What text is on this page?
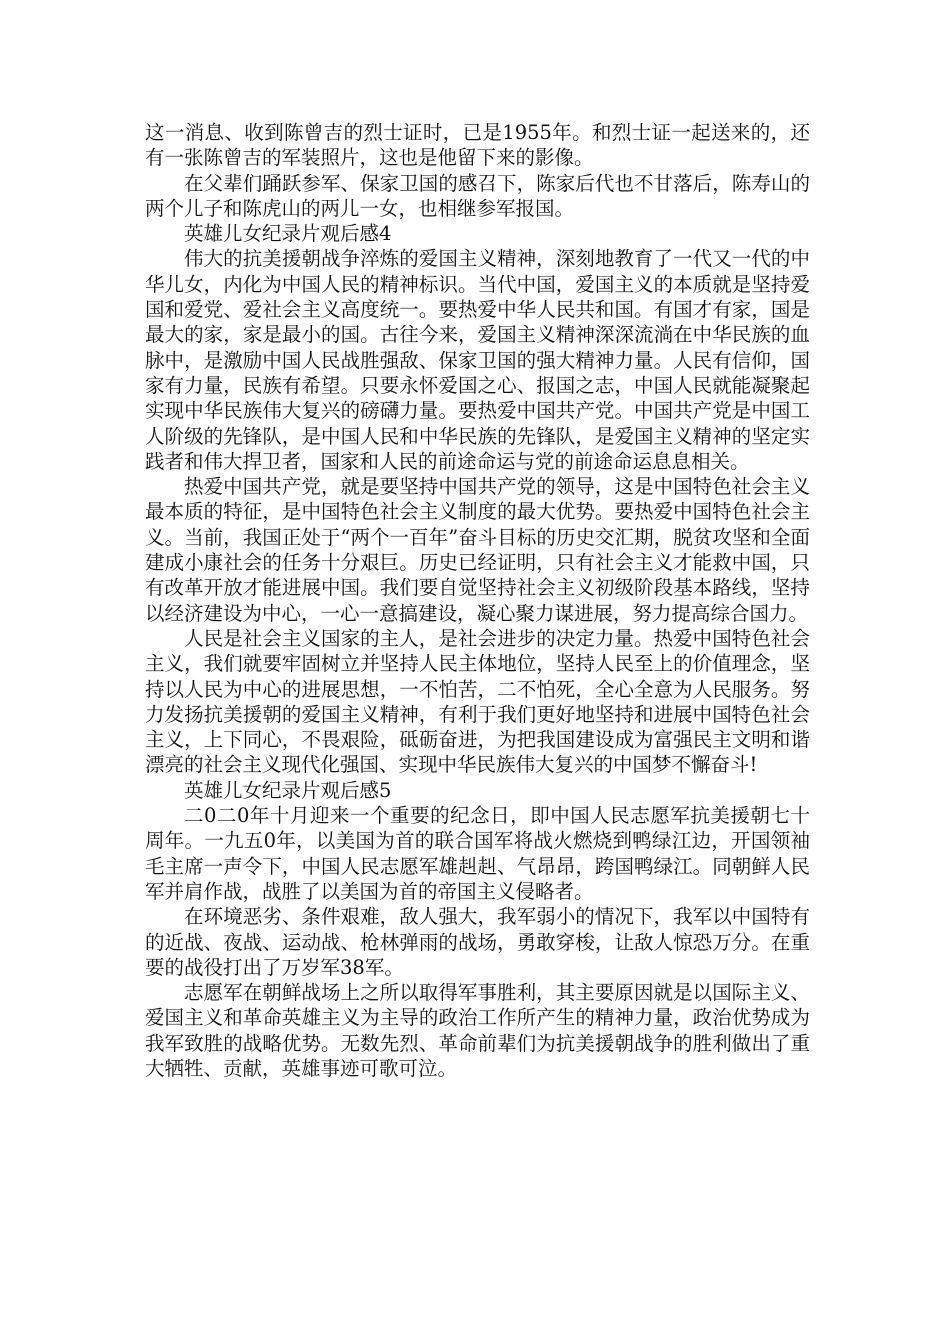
这一消息、收到陈曾吉的烈士证时，已是1955年。和烈士证一起送来的，还有一张陈曾吉的军装照片，这也是他留下来的影像。

在父辈们踊跃参军、保家卫国的感召下，陈家后代也不甘落后，陈寿山的两个儿子和陈虎山的两儿一女，也相继参军报国。

英雄儿女纪录片观后感4

伟大的抗美援朝战争淬炼的爱国主义精神，深刻地教育了一代又一代的中华儿女，内化为中国人民的精神标识。当代中国，爱国主义的本质就是坚持爱国和爱党、爱社会主义高度统一。要热爱中华人民共和国。有国才有家，国是最大的家，家是最小的国。古往今来，爱国主义精神深深流淌在中华民族的血脉中，是激励中国人民战胜强敌、保家卫国的强大精神力量。人民有信仰，国家有力量，民族有希望。只要永怀爱国之心、报国之志，中国人民就能凝聚起实现中华民族伟大复兴的磅礴力量。要热爱中国共产党。中国共产党是中国工人阶级的先锋队，是中国人民和中华民族的先锋队，是爱国主义精神的坚定实践者和伟大捍卫者，国家和人民的前途命运与党的前途命运息息相关。

热爱中国共产党，就是要坚持中国共产党的领导，这是中国特色社会主义最本质的特征，是中国特色社会主义制度的最大优势。要热爱中国特色社会主义。当前，我国正处于“两个一百年”奋斗目标的历史交汇期，脱贫攻坚和全面建成小康社会的任务十分艰巨。历史已经证明，只有社会主义才能救中国，只有改革开放才能进展中国。我们要自觉坚持社会主义初级阶段基本路线，坚持以经济建设为中心，一心一意搞建设，凝心聚力谋进展，努力提高综合国力。

人民是社会主义国家的主人，是社会进步的决定力量。热爱中国特色社会主义，我们就要牢固树立并坚持人民主体地位，坚持人民至上的价值理念，坚持以人民为中心的进展思想，一不怕苦，二不怕死，全心全意为人民服务。努力发扬抗美援朝的爱国主义精神，有利于我们更好地坚持和进展中国特色社会主义，上下同心，不畏艰险，砥砺奋进，为把我国建设成为富强民主文明和谐漂亮的社会主义现代化强国、实现中华民族伟大复兴的中国梦不懈奋斗!

英雄儿女纪录片观后感5

二0二0年十月迎来一个重要的纪念日，即中国人民志愿军抗美援朝七十周年。一九五0年，以美国为首的联合国军将战火燃烧到鸭绿江边，开国领袖毛主席一声令下，中国人民志愿军雄赳赳、气昂昂，跨国鸭绿江。同朝鲜人民军并肩作战，战胜了以美国为首的帝国主义侵略者。

在环境恶劣、条件艰难，敌人强大，我军弱小的情况下，我军以中国特有的近战、夜战、运动战、枪林弹雨的战场，勇敢穿梭，让敌人惊恐万分。在重要的战役打出了万岁军38军。

志愿军在朝鲜战场上之所以取得军事胜利，其主要原因就是以国际主义、爱国主义和革命英雄主义为主导的政治工作所产生的精神力量，政治优势成为我军致胜的战略优势。无数先烈、革命前辈们为抗美援朝战争的胜利做出了重大牺牲、贡献，英雄事迹可歌可泣。
